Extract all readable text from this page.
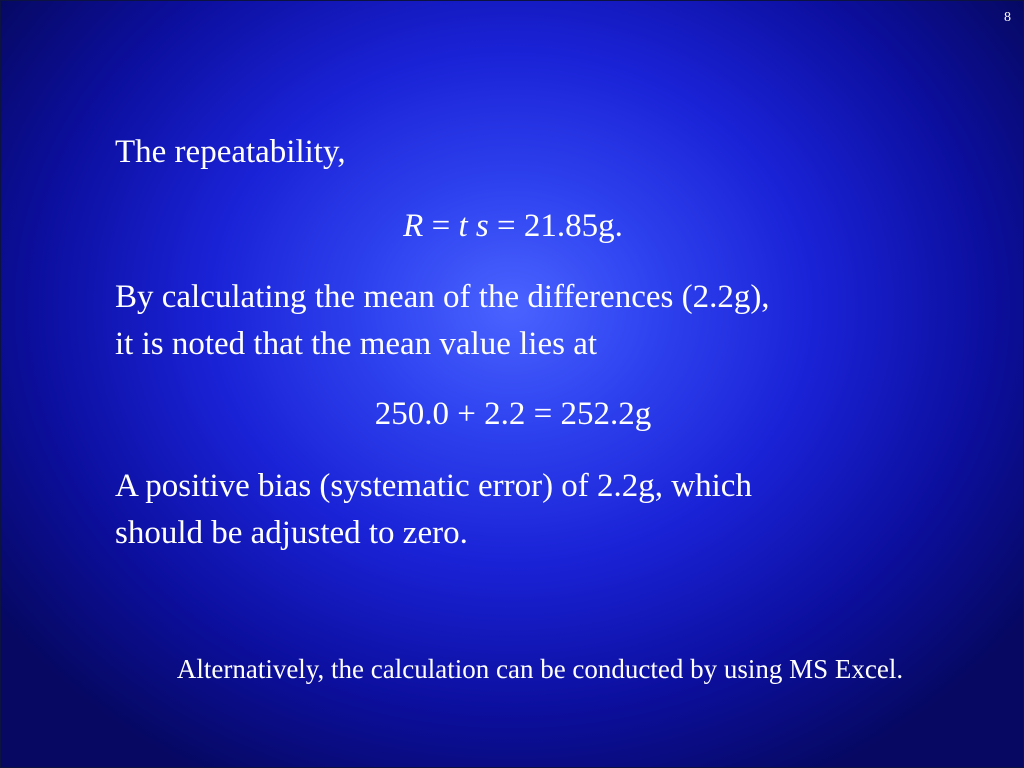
8
The repeatability,
R = t s = 21.85g.
By calculating the mean of the differences (2.2g),
it is noted that the mean value lies at
250.0 + 2.2 = 252.2g
A positive bias (systematic error) of 2.2g, which
should be adjusted to zero.
Alternatively, the calculation can be conducted by using MS Excel.
